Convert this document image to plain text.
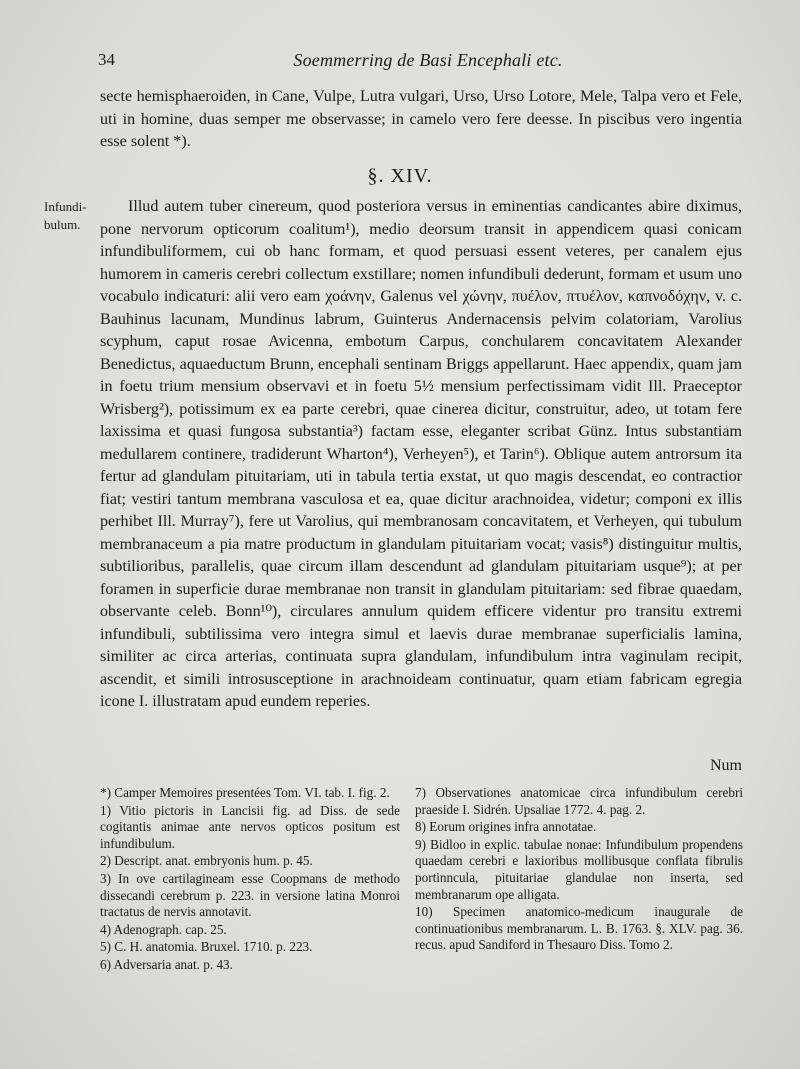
34	Soemmerring de Basi Encephali etc.

secte hemisphaeroiden, in Cane, Vulpe, Lutra vulgari, Urso, Urso Lotore, Mele, Talpa vero et Fele, uti in homine, duas semper me observasse; in camelo vero fere deesse. In piscibus vero ingentia esse solent *).

§. XIV.
Infundi-bulum.

Illud autem tuber cinereum, quod posteriora versus in eminentias candicantes abire diximus, pone nervorum opticorum coalitum¹), medio deorsum transit in appendicem quasi conicam infundibuliformem, cui ob hanc formam, et quod persuasi essent veteres, per canalem ejus humorem in cameris cerebri collectum exstillare; nomen infundibuli dederunt, formam et usum uno vocabulo indicaturi: alii vero eam χοάνην, Galenus vel χώνην, πυέλον, πτυέλον, καπνοδόχην, v. c. Bauhinus lacunam, Mundinus labrum, Guinterus Andernacensis pelvim colatoriam, Varolius scyphum, caput rosae Avicenna, embotum Carpus, conchularem concavitatem Alexander Benedictus, aquaeductum Brunn, encephali sentinam Briggs appellarunt. Haec appendix, quam jam in foetu trium mensium observavi et in foetu 5½ mensium perfectissimam vidit Ill. Praeceptor Wrisberg²), potissimum ex ea parte cerebri, quae cinerea dicitur, construitur, adeo, ut totam fere laxissima et quasi fungosa substantia³) factam esse, eleganter scribat Günz. Intus substantiam medullarem continere, tradiderunt Wharton⁴), Verheyen⁵), et Tarin⁶). Oblique autem antrorsum ita fertur ad glandulam pituitariam, uti in tabula tertia exstat, ut quo magis descendat, eo contractior fiat; vestiri tantum membrana vasculosa et ea, quae dicitur arachnoidea, videtur; componi ex illis perhibet Ill. Murray⁷), fere ut Varolius, qui membranosam concavitatem, et Verheyen, qui tubulum membranaceum a pia matre productum in glandulam pituitariam vocat; vasis⁸) distinguitur multis, subtilioribus, parallelis, quae circum illam descendunt ad glandulam pituitariam usque⁹); at per foramen in superficie durae membranae non transit in glandulam pituitariam: sed fibrae quaedam, observante celeb. Bonn¹⁰), circulares annulum quidem efficere videntur pro transitu extremi infundibuli, subtilissima vero integra simul et laevis durae membranae superficialis lamina, similiter ac circa arterias, continuata supra glandulam, infundibulum intra vaginulam recipit, ascendit, et simili introsusceptione in arachnoideam continuatur, quam etiam fabricam egregia icone I. illustratam apud eundem reperies.

Num

*) Camper Memoires presentées Tom. VI. tab. I. fig. 2.

1) Vitio pictoris in Lancisii fig. ad Diss. de sede cogitantis animae ante nervos opticos positum est infundibulum.

2) Descript. anat. embryonis hum. p. 45.

3) In ove cartilagineam esse Coopmans de methodo dissecandi cerebrum p. 223. in versione latina Monroi tractatus de nervis annotavit.

4) Adenograph. cap. 25.

5) C. H. anatomia. Bruxel. 1710. p. 223.

6) Adversaria anat. p. 43.

7) Observationes anatomicae circa infundibulum cerebri praeside I. Sidrén. Upsaliae 1772. 4. pag. 2.

8) Eorum origines infra annotatae.

9) Bidloo in explic. tabulae nonae: Infundibulum propendens quaedam cerebri e laxioribus mollibusque conflata fibrulis portinncula, pituitariae glandulae non inserta, sed membranarum ope alligata.

10) Specimen anatomico-medicum inaugurale de continuationibus membranarum. L. B. 1763. §. XLV. pag. 36. recus. apud Sandiford in Thesauro Diss. Tomo 2.
